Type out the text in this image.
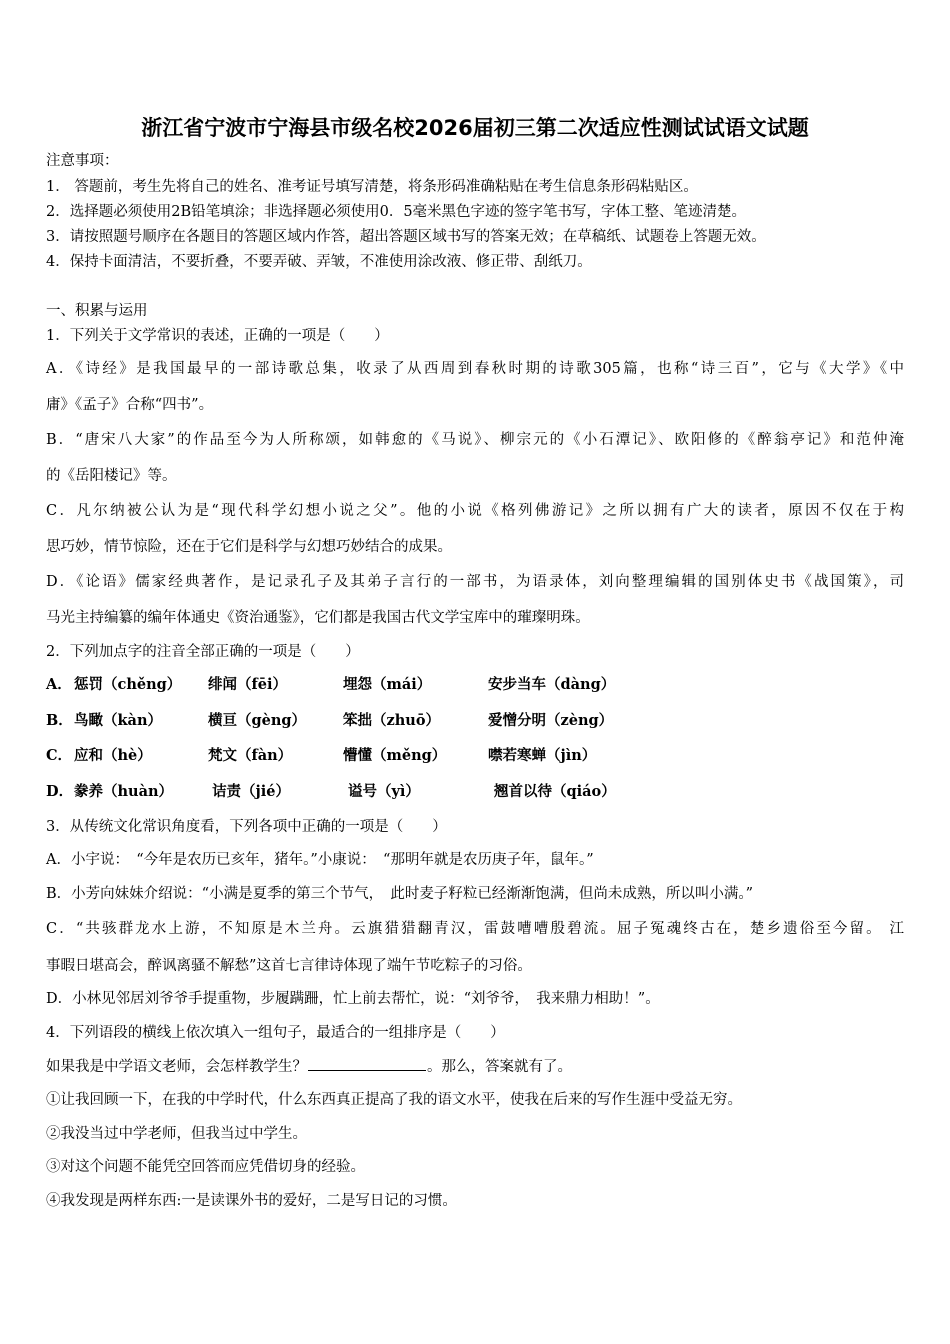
浙江省宁波市宁海县市级名校2026届初三第二次适应性测试试语文试题
注意事项：
1． 答题前，考生先将自己的姓名、准考证号填写清楚，将条形码准确粘贴在考生信息条形码粘贴区。
2．选择题必须使用2B铅笔填涂；非选择题必须使用0．5毫米黑色字迹的签字笔书写，字体工整、笔迹清楚。
3．请按照题号顺序在各题目的答题区域内作答，超出答题区域书写的答案无效；在草稿纸、试题卷上答题无效。
4．保持卡面清洁，不要折叠，不要弄破、弄皱，不准使用涂改液、修正带、刮纸刀。
一、积累与运用
1．下列关于文学常识的表述，正确的一项是（　　）
A．《诗经》是我国最早的一部诗歌总集，收录了从西周到春秋时期的诗歌305篇，也称“诗三百”，它与《大学》《中
庸》《孟子》合称“四书”。
B．“唐宋八大家”的作品至今为人所称颂，如韩愈的《马说》、柳宗元的《小石潭记》、欧阳修的《醉翁亭记》和范仲淹
的《岳阳楼记》等。
C．凡尔纳被公认为是“现代科学幻想小说之父”。他的小说《格列佛游记》之所以拥有广大的读者，原因不仅在于构
思巧妙，情节惊险，还在于它们是科学与幻想巧妙结合的成果。
D．《论语》儒家经典著作，是记录孔子及其弟子言行的一部书，为语录体，刘向整理编辑的国别体史书《战国策》，司
马光主持编纂的编年体通史《资治通鉴》，它们都是我国古代文学宝库中的璀璨明珠。
2．下列加点字的注音全部正确的一项是（　　）
A． 惩罚（chěng） 绯闻（fēi）	埋怨（mái）	安步当车（dàng）
B． 鸟瞰（kàn）	横亘（gèng）	笨拙（zhuō）	爱憎分明（zèng）
C． 应和（hè）	梵文（fàn）	懵懂（měng）	噤若寒蝉（jìn）
D． 豢养（huàn）	诘责（jié）	谥号（yì）	翘首以待（qiáo）
3．从传统文化常识角度看，下列各项中正确的一项是（　　）
A．小宇说：　“今年是农历已亥年，猪年。”小康说：　“那明年就是农历庚子年，鼠年。”
B．小芳向妹妹介绍说：“小满是夏季的第三个节气，　此时麦子籽粒已经渐渐饱满，但尚未成熟，所以叫小满。”
C．“共骇群龙水上游，不知原是木兰舟。云旗猎猎翻青汉，雷鼓嘈嘈殷碧流。屈子冤魂终古在，楚乡遗俗至今留。 江
事暇日堪高会，醉讽离骚不解愁”这首七言律诗体现了端午节吃粽子的习俗。
D．小林见邻居刘爷爷手提重物，步履蹒跚，忙上前去帮忙，说：“刘爷爷，　我来鼎力相助！”。
4．下列语段的横线上依次填入一组句子，最适合的一组排序是（　　）
如果我是中学语文老师，会怎样教学生？	。那么，答案就有了。
①让我回顾一下，在我的中学时代，什么东西真正提高了我的语文水平，使我在后来的写作生涯中受益无穷。
②我没当过中学老师，但我当过中学生。
③对这个问题不能凭空回答而应凭借切身的经验。
④我发现是两样东西:一是读课外书的爱好，二是写日记的习惯。
